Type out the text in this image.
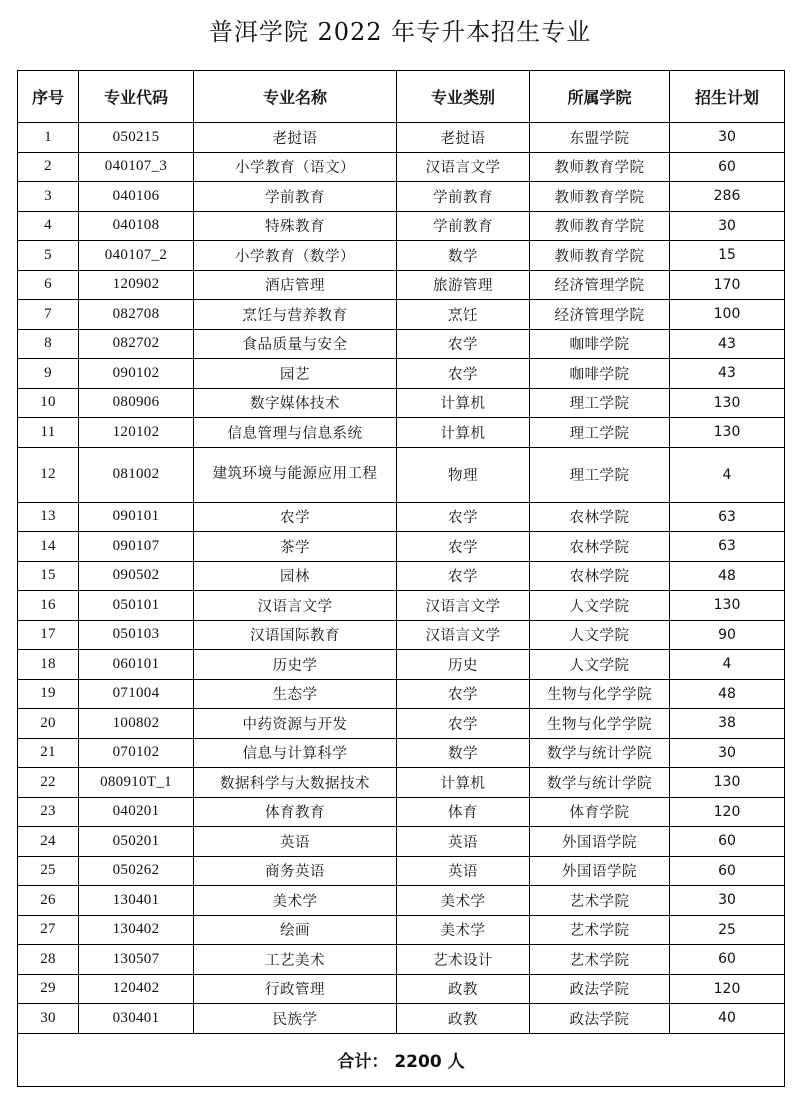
普洱学院 2022 年专升本招生专业
序号	专业代码	专业名称	专业类别	所属学院	招生计划
1	050215	老挝语	老挝语	东盟学院	30
2	040107_3	小学教育（语文）	汉语言文学	教师教育学院	60
3	040106	学前教育	学前教育	教师教育学院	286
4	040108	特殊教育	学前教育	教师教育学院	30
5	040107_2	小学教育（数学）	数学	教师教育学院	15
6	120902	酒店管理	旅游管理	经济管理学院	170
7	082708	烹饪与营养教育	烹饪	经济管理学院	100
8	082702	食品质量与安全	农学	咖啡学院	43
9	090102	园艺	农学	咖啡学院	43
10	080906	数字媒体技术	计算机	理工学院	130
11	120102	信息管理与信息系统	计算机	理工学院	130
12	081002	建筑环境与能源应用工程	物理	理工学院	4
13	090101	农学	农学	农林学院	63
14	090107	茶学	农学	农林学院	63
15	090502	园林	农学	农林学院	48
16	050101	汉语言文学	汉语言文学	人文学院	130
17	050103	汉语国际教育	汉语言文学	人文学院	90
18	060101	历史学	历史	人文学院	4
19	071004	生态学	农学	生物与化学学院	48
20	100802	中药资源与开发	农学	生物与化学学院	38
21	070102	信息与计算科学	数学	数学与统计学院	30
22	080910T_1	数据科学与大数据技术	计算机	数学与统计学院	130
23	040201	体育教育	体育	体育学院	120
24	050201	英语	英语	外国语学院	60
25	050262	商务英语	英语	外国语学院	60
26	130401	美术学	美术学	艺术学院	30
27	130402	绘画	美术学	艺术学院	25
28	130507	工艺美术	艺术设计	艺术学院	60
29	120402	行政管理	政教	政法学院	120
30	030401	民族学	政教	政法学院	40
合计： 2200 人					
